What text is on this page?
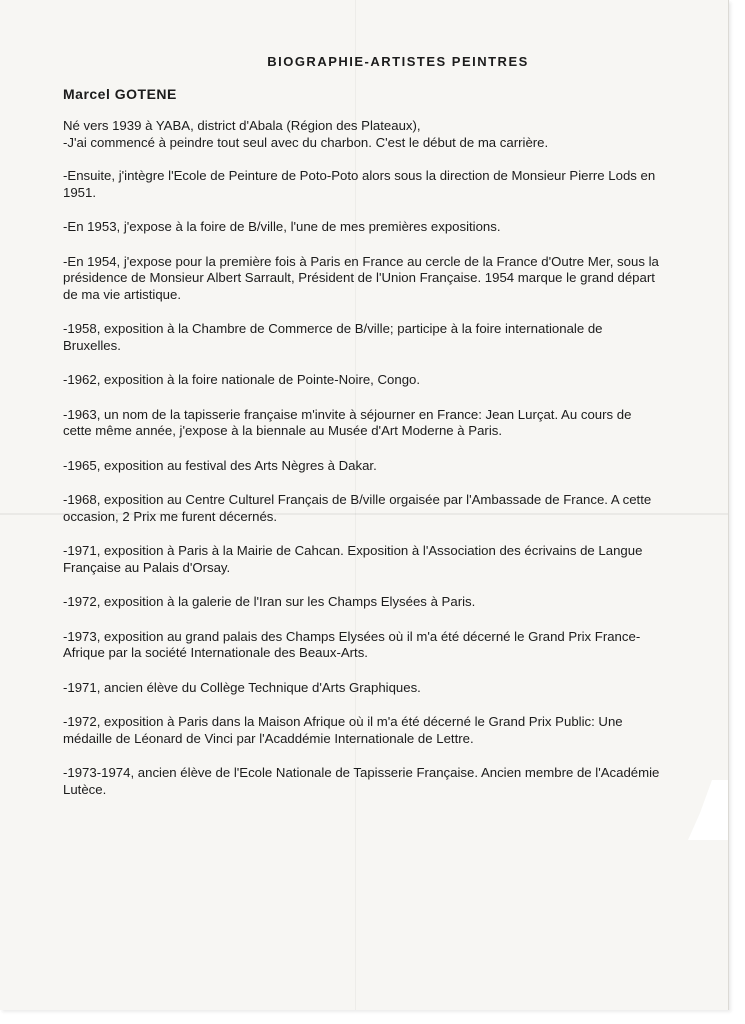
BIOGRAPHIE-ARTISTES PEINTRES
Marcel GOTENE

Né vers 1939 à YABA, district d'Abala (Région des Plateaux),
-J'ai commencé à peindre tout seul avec du charbon. C'est le début de ma carrière.

-Ensuite, j'intègre l'Ecole de Peinture de Poto-Poto alors sous la direction de Monsieur Pierre Lods en 1951.

-En 1953, j'expose à la foire de B/ville, l'une de mes premières expositions.

-En 1954, j'expose pour la première fois à Paris en France au cercle de la France d'Outre Mer, sous la présidence de Monsieur Albert Sarrault, Président de l'Union Française. 1954 marque le grand départ de ma vie artistique.

-1958, exposition à la Chambre de Commerce de B/ville; participe à la foire internationale de Bruxelles.

-1962, exposition à la foire nationale de Pointe-Noire, Congo.

-1963, un nom de la tapisserie française m'invite à séjourner en France: Jean Lurçat. Au cours de cette même année, j'expose à la biennale au Musée d'Art Moderne à Paris.

-1965, exposition au festival des Arts Nègres à Dakar.

-1968, exposition au Centre Culturel Français de B/ville orgaisée par l'Ambassade de France. A cette occasion, 2 Prix me furent décernés.

-1971, exposition à Paris à la Mairie de Cahcan. Exposition à l'Association des écrivains de Langue Française au Palais d'Orsay.

-1972, exposition à la galerie de l'Iran sur les Champs Elysées à Paris.

-1973, exposition au grand palais des Champs Elysées où il m'a été décerné le Grand Prix France-Afrique par la société Internationale des Beaux-Arts.

-1971, ancien élève du Collège Technique d'Arts Graphiques.

-1972, exposition à Paris dans la Maison Afrique où il m'a été décerné le Grand Prix Public: Une médaille de Léonard de Vinci par l'Acaddémie Internationale de Lettre.

-1973-1974, ancien élève de l'Ecole Nationale de Tapisserie Française. Ancien membre de l'Académie Lutèce.
